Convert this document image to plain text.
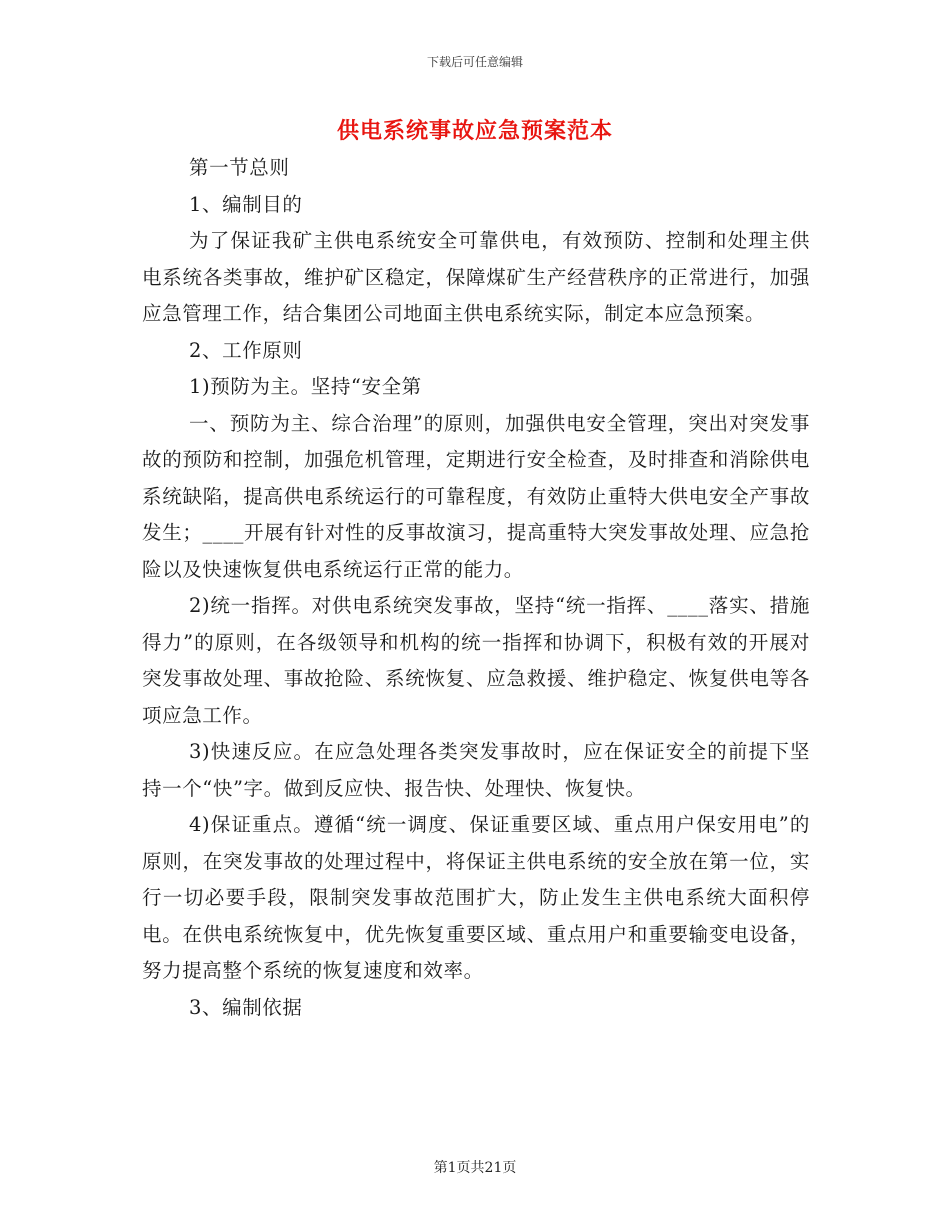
下载后可任意编辑
供电系统事故应急预案范本

第一节总则

1、编制目的

为了保证我矿主供电系统安全可靠供电，有效预防、控制和处理主供电系统各类事故，维护矿区稳定，保障煤矿生产经营秩序的正常进行，加强应急管理工作，结合集团公司地面主供电系统实际，制定本应急预案。

2、工作原则

1)预防为主。坚持“安全第

一、预防为主、综合治理”的原则，加强供电安全管理，突出对突发事故的预防和控制，加强危机管理，定期进行安全检查，及时排查和消除供电系统缺陷，提高供电系统运行的可靠程度，有效防止重特大供电安全产事故发生；____开展有针对性的反事故演习，提高重特大突发事故处理、应急抢险以及快速恢复供电系统运行正常的能力。

2)统一指挥。对供电系统突发事故，坚持“统一指挥、____落实、措施得力”的原则，在各级领导和机构的统一指挥和协调下，积极有效的开展对突发事故处理、事故抢险、系统恢复、应急救援、维护稳定、恢复供电等各项应急工作。

3)快速反应。在应急处理各类突发事故时，应在保证安全的前提下坚持一个“快”字。做到反应快、报告快、处理快、恢复快。

4)保证重点。遵循“统一调度、保证重要区域、重点用户保安用电”的原则，在突发事故的处理过程中，将保证主供电系统的安全放在第一位，实行一切必要手段，限制突发事故范围扩大，防止发生主供电系统大面积停电。在供电系统恢复中，优先恢复重要区域、重点用户和重要输变电设备，努力提高整个系统的恢复速度和效率。

3、编制依据

第1页共21页
